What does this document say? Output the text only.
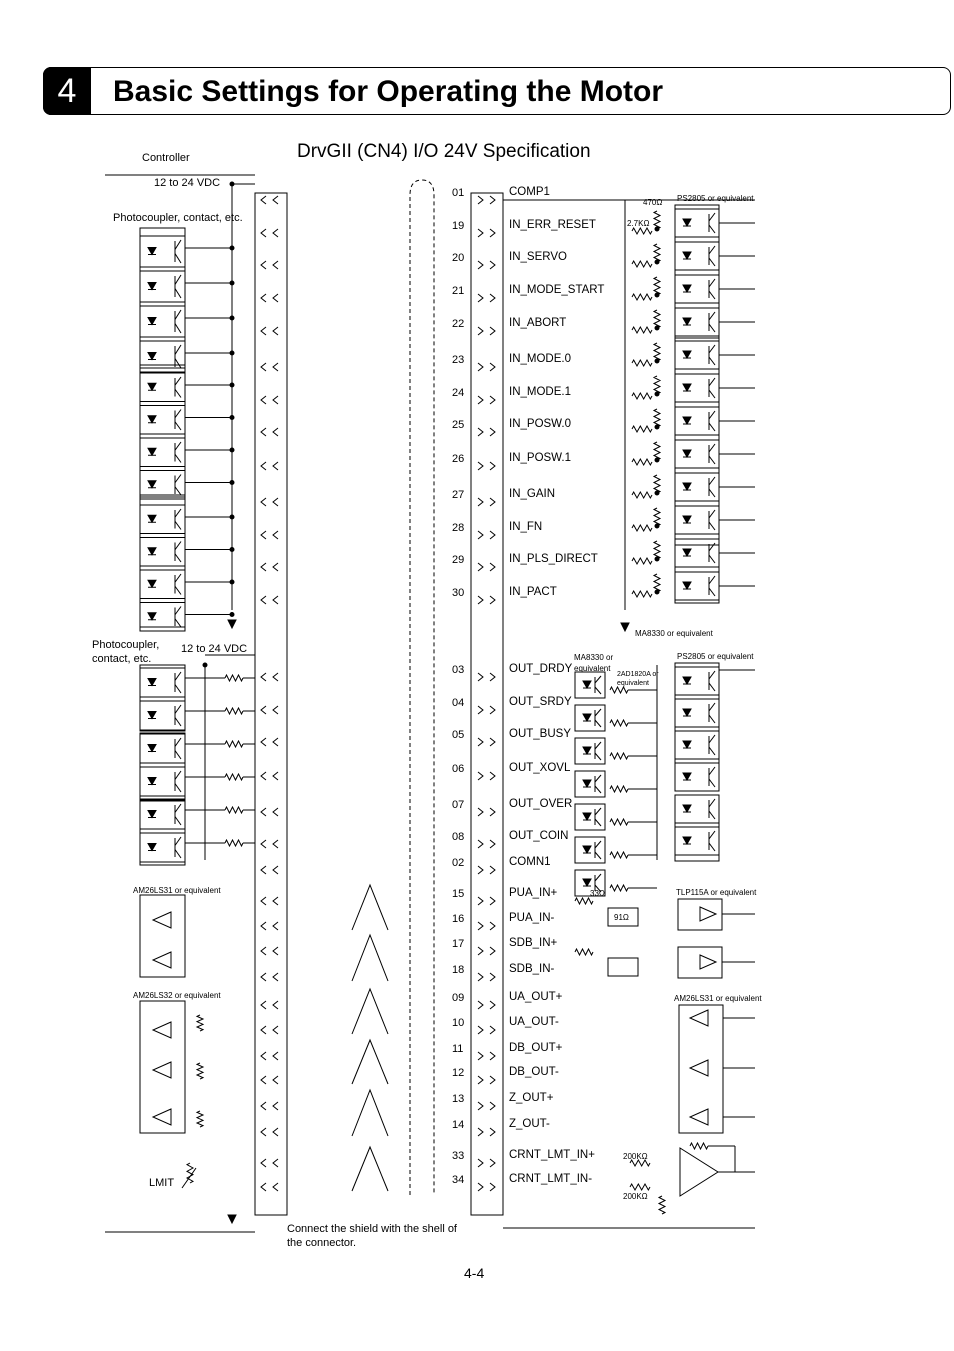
4	Basic Settings for Operating the Motor
DrvGII (CN4) I/O 24V Specification
01	COMP1
19	IN_ERR_RESET
20	IN_SERVO
21	IN_MODE_START
22	IN_ABORT
23	IN_MODE.0
24	IN_MODE.1
25	IN_POSW.0
26	IN_POSW.1
27	IN_GAIN
28	IN_FN
29	IN_PLS_DIRECT
30	IN_PACT
03	OUT_DRDY
04	OUT_SRDY
05	OUT_BUSY
06	OUT_XOVL
07	OUT_OVER
08	OUT_COIN
02	COMN1
15	PUA_IN+
16	PUA_IN-
17	SDB_IN+
18	SDB_IN-
09	UA_OUT+
10	UA_OUT-
11	DB_OUT+
12	DB_OUT-
13	Z_OUT+
14	Z_OUT-
33	CRNT_LMT_IN+
34	CRNT_LMT_IN-
Controller
12 to 24 VDC
Photocoupler, contact, etc.
Photocoupler,
contact, etc.
12 to 24 VDC
AM26LS31 or equivalent
AM26LS32 or equivalent
LMIT
PS2805 or equivalent
470Ω
2.7KΩ
MA8330 or equivalent
MA8330 or
equivalent
2AD1820A or
equivalent
PS2805 or equivalent
33Ω
91Ω
TLP115A or equivalent
AM26LS31 or equivalent
200KΩ
200KΩ
Connect the shield with the shell of
the connector.
4-4
